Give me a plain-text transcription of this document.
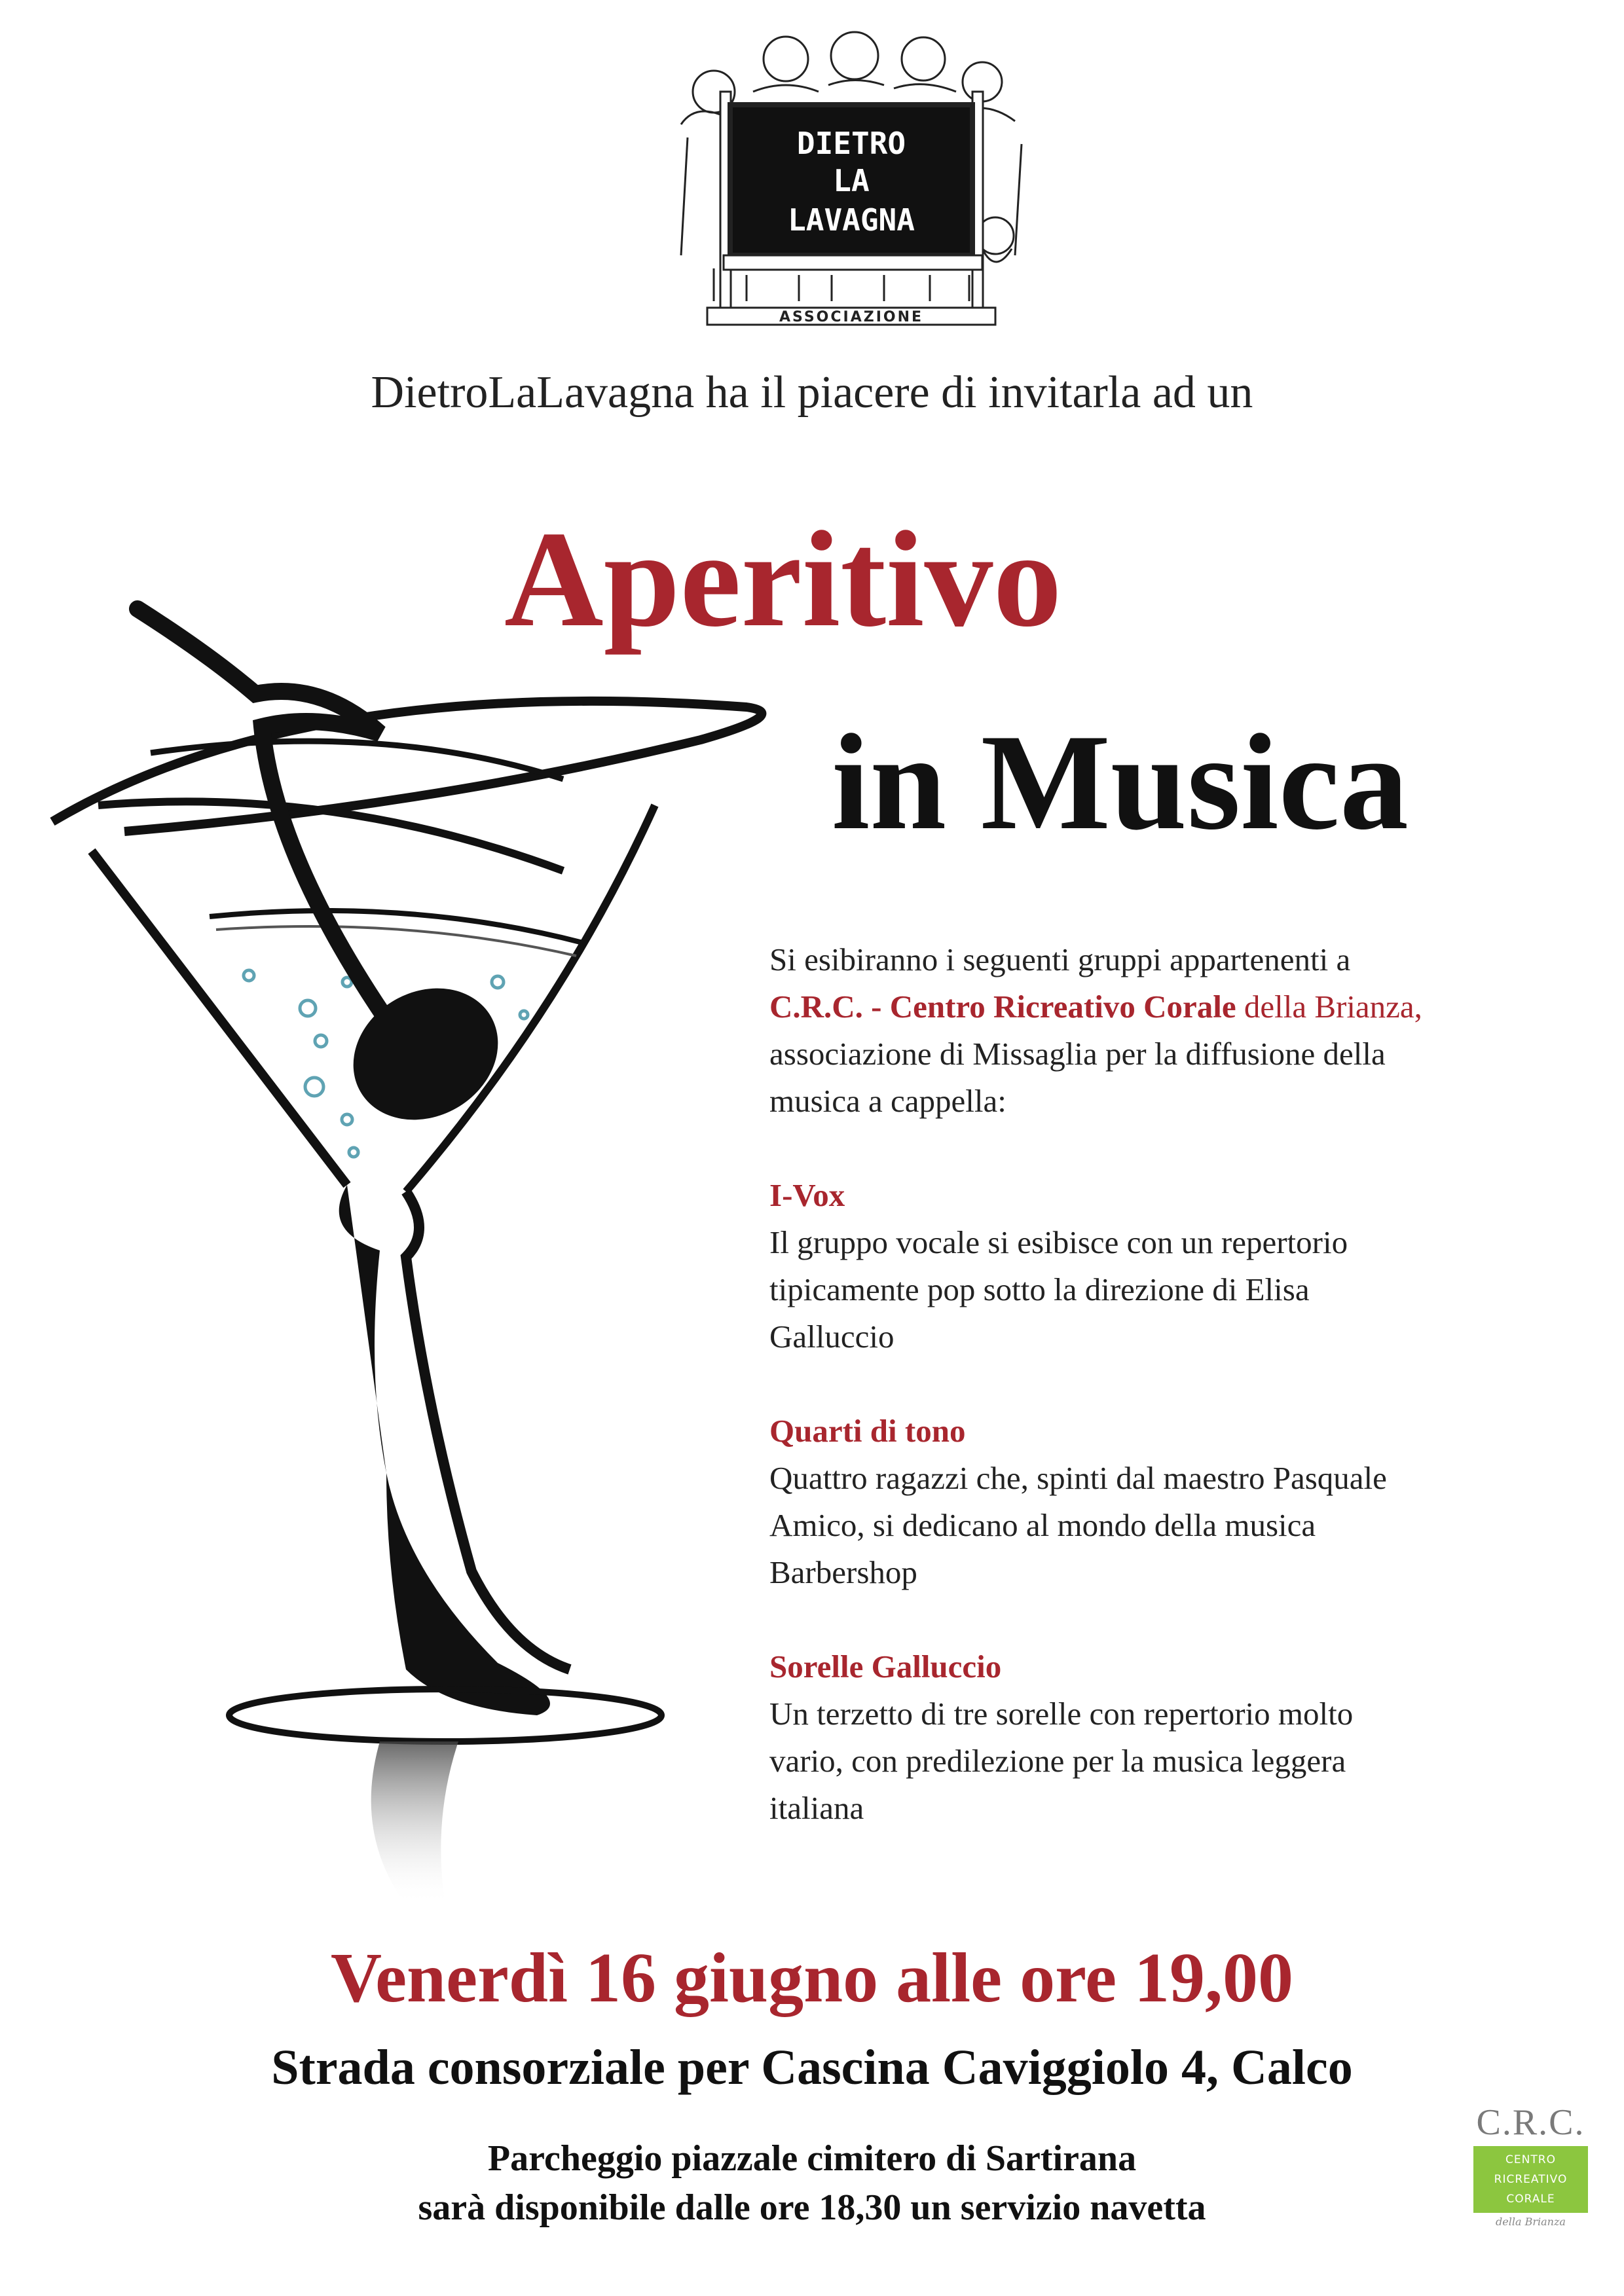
DIETRO
LA
LAVAGNA
ASSOCIAZIONE
DietroLaLavagna ha il piacere di invitarla ad un
Aperitivo
in Musica

Si esibiranno i seguenti gruppi appartenenti a

C.R.C. - Centro Ricreativo Corale della Brianza,

associazione di Missaglia per la diffusione della

musica a cappella:

I-Vox

Il gruppo vocale si esibisce con un repertorio

tipicamente pop sotto la direzione di Elisa

Galluccio

Quarti di tono

Quattro ragazzi che, spinti dal maestro Pasquale

Amico, si dedicano al mondo della musica

Barbershop

Sorelle Galluccio

Un terzetto di tre sorelle con repertorio molto

vario, con predilezione per la musica leggera

italiana

Venerdì 16 giugno alle ore 19,00
Strada consorziale per Cascina Caviggiolo 4, Calco
Parcheggio piazzale cimitero di Sartirana
sarà disponibile dalle ore 18,30 un servizio navetta
C.R.C.
CENTRO
RICREATIVO
CORALE
della Brianza
